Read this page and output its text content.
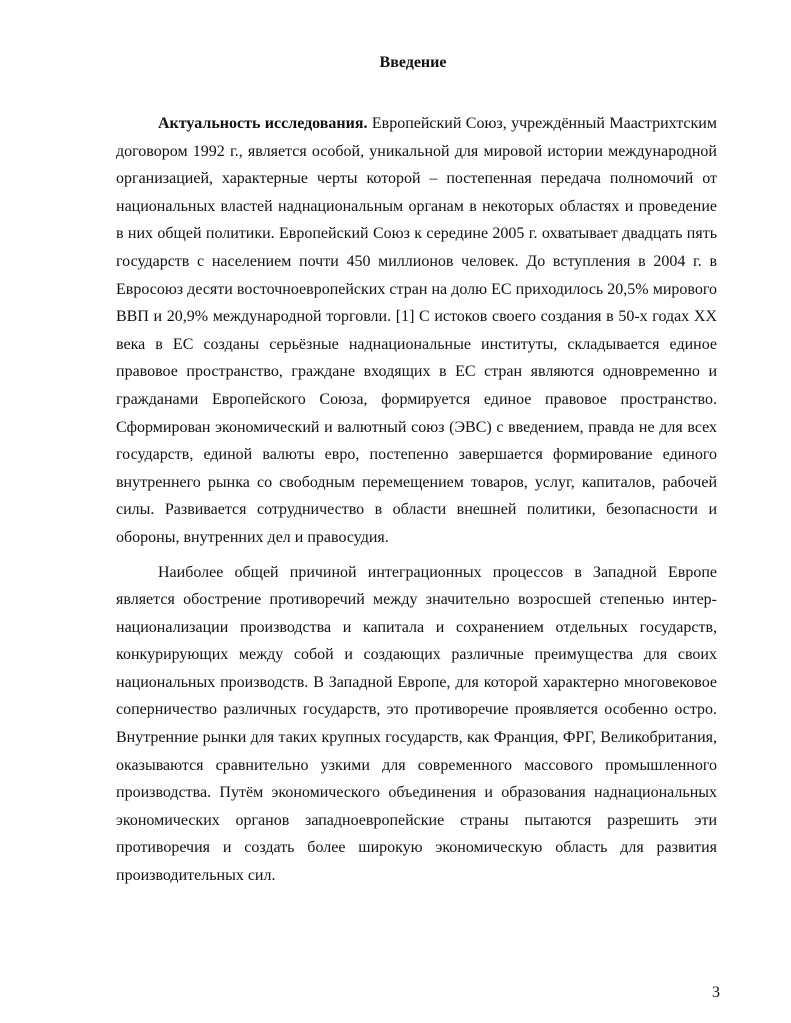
Введение

Актуальность исследования. Европейский Союз, учреждённый Маастрихтским договором 1992 г., является особой, уникальной для мировой истории международной организацией, характерные черты которой – постепенная передача полномочий от национальных властей наднациональным органам в некоторых областях и проведение в них общей политики. Европейский Союз к середине 2005 г. охватывает двадцать пять государств с населением почти 450 миллионов человек. До вступления в 2004 г. в Евросоюз десяти восточноевропейских стран на долю ЕС приходилось 20,5% мирового ВВП и 20,9% международной торговли. [1] С истоков своего создания в 50-х годах XX века в ЕС созданы серьёзные наднациональные институты, складывается единое правовое пространство, граждане входящих в ЕС стран являются одновременно и гражданами Европейского Союза, формируется единое правовое пространство. Сформирован экономический и валютный союз (ЭВС) с введением, правда не для всех государств, единой валюты евро, постепенно завершается формирование единого внутреннего рынка со свободным перемещением товаров, услуг, капиталов, рабочей силы. Развивается сотрудничество в области внешней политики, безопасности и обороны, внутренних дел и правосудия.

Наиболее общей причиной интеграционных процессов в Западной Европе является обострение противоречий между значительно возросшей степенью интернационализации производства и капитала и сохранением отдельных государств, конкурирующих между собой и создающих различные преимущества для своих национальных производств. В Западной Европе, для которой характерно многовековое соперничество различных государств, это противоречие проявляется особенно остро. Внутренние рынки для таких крупных государств, как Франция, ФРГ, Великобритания, оказываются сравнительно узкими для современного массового промышленного производства. Путём экономического объединения и образования наднациональных экономических органов западноевропейские страны пытаются разрешить эти противоречия и создать более широкую экономическую область для развития производительных сил.

3
